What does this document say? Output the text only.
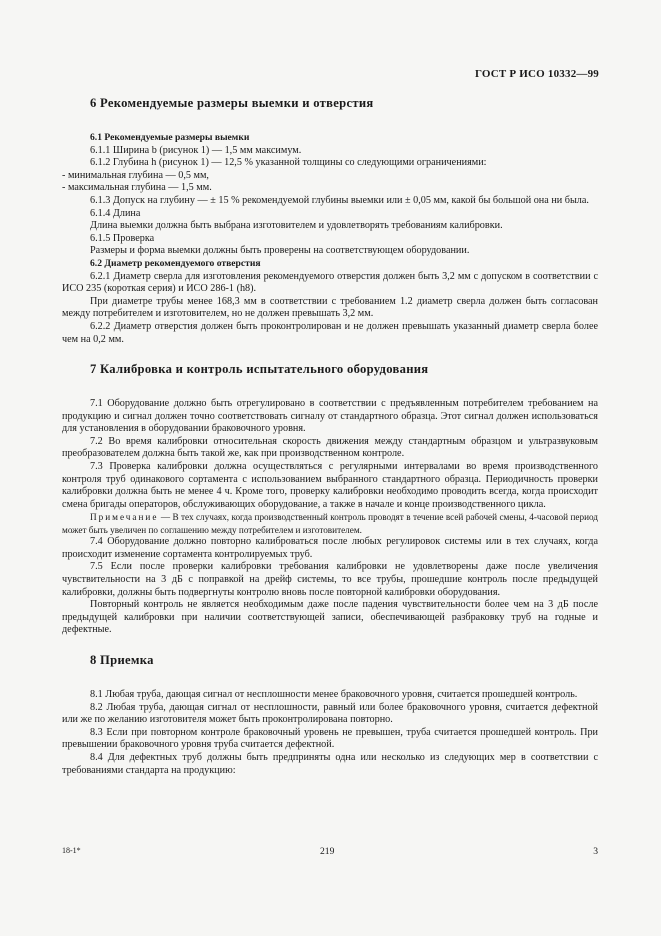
ГОСТ Р ИСО 10332—99
6 Рекомендуемые размеры выемки и отверстия
6.1 Рекомендуемые размеры выемки

6.1.1 Ширина b (рисунок 1) — 1,5 мм максимум.

6.1.2 Глубина h (рисунок 1) — 12,5 % указанной толщины со следующими ограничениями:

- минимальная глубина — 0,5 мм,

- максимальная глубина — 1,5 мм.

6.1.3 Допуск на глубину — ± 15 % рекомендуемой глубины выемки или ± 0,05 мм, какой бы большой она ни была.

6.1.4 Длина

Длина выемки должна быть выбрана изготовителем и удовлетворять требованиям калибровки.

6.1.5 Проверка

Размеры и форма выемки должны быть проверены на соответствующем оборудовании.

6.2 Диаметр рекомендуемого отверстия

6.2.1 Диаметр сверла для изготовления рекомендуемого отверстия должен быть 3,2 мм с допуском в соответствии с ИСО 235 (короткая серия) и ИСО 286-1 (h8).

При диаметре трубы менее 168,3 мм в соответствии с требованием 1.2 диаметр сверла должен быть согласован между потребителем и изготовителем, но не должен превышать 3,2 мм.

6.2.2 Диаметр отверстия должен быть проконтролирован и не должен превышать указанный диаметр сверла более чем на 0,2 мм.

7 Калибровка и контроль испытательного оборудования

7.1 Оборудование должно быть отрегулировано в соответствии с предъявленным потребителем требованием на продукцию и сигнал должен точно соответствовать сигналу от стандартного образца. Этот сигнал должен использоваться для установления в оборудовании браковочного уровня.

7.2 Во время калибровки относительная скорость движения между стандартным образцом и ультразвуковым преобразователем должна быть такой же, как при производственном контроле.

7.3 Проверка калибровки должна осуществляться с регулярными интервалами во время производственного контроля труб одинакового сортамента с использованием выбранного стандартного образца. Периодичность проверки калибровки должна быть не менее 4 ч. Кроме того, проверку калибровки необходимо проводить всегда, когда происходит смена бригады операторов, обслуживающих оборудование, а также в начале и конце производственного цикла.

Примечание — В тех случаях, когда производственный контроль проводят в течение всей рабочей смены, 4-часовой период может быть увеличен по соглашению между потребителем и изготовителем.

7.4 Оборудование должно повторно калиброваться после любых регулировок системы или в тех случаях, когда происходит изменение сортамента контролируемых труб.

7.5 Если после проверки калибровки требования калибровки не удовлетворены даже после увеличения чувствительности на 3 дБ с поправкой на дрейф системы, то все трубы, прошедшие контроль после предыдущей калибровки, должны быть подвергнуты контролю вновь после повторной калибровки оборудования.

Повторный контроль не является необходимым даже после падения чувствительности более чем на 3 дБ после предыдущей калибровки при наличии соответствующей записи, обеспечивающей разбраковку труб на годные и дефектные.

8 Приемка

8.1 Любая труба, дающая сигнал от несплошности менее браковочного уровня, считается прошедшей контроль.

8.2 Любая труба, дающая сигнал от несплошности, равный или более браковочного уровня, считается дефектной или же по желанию изготовителя может быть проконтролирована повторно.

8.3 Если при повторном контроле браковочный уровень не превышен, труба считается прошедшей контроль. При превышении браковочного уровня труба считается дефектной.

8.4 Для дефектных труб должны быть предприняты одна или несколько из следующих мер в соответствии с требованиями стандарта на продукцию:

18-1*	219	3
